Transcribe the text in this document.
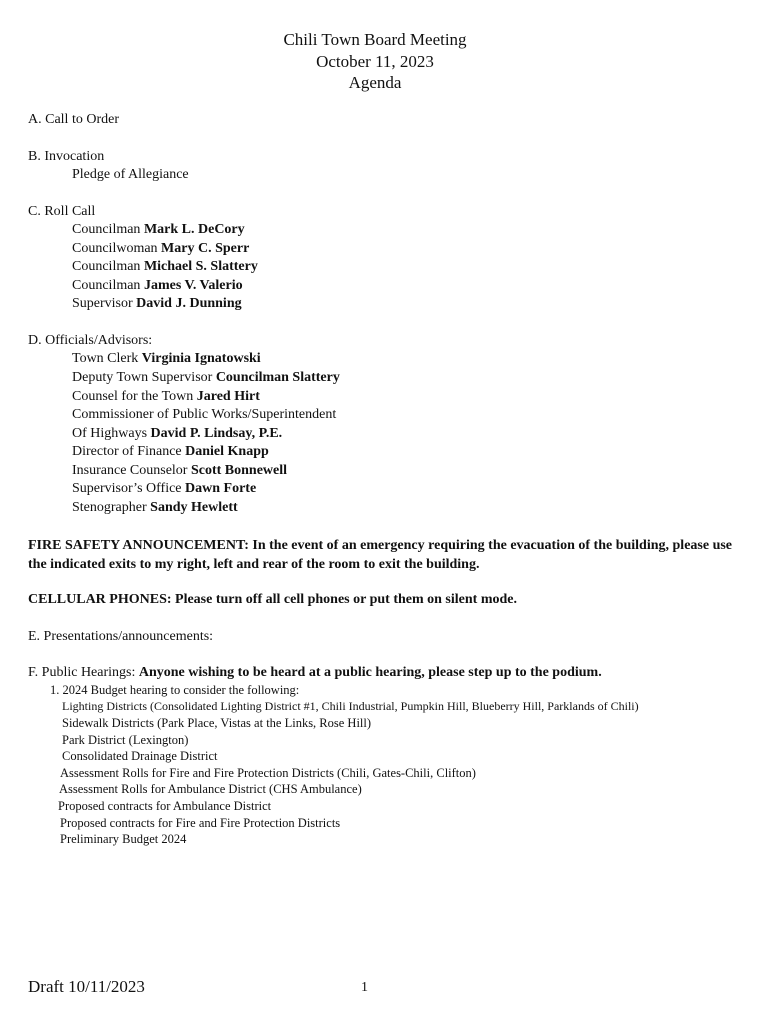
Chili Town Board Meeting
October 11, 2023
Agenda
A. Call to Order
B. Invocation
Pledge of Allegiance
C. Roll Call
Councilman Mark L. DeCory
Councilwoman Mary C. Sperr
Councilman Michael S. Slattery
Councilman James V. Valerio
Supervisor David J. Dunning
D. Officials/Advisors:
Town Clerk Virginia Ignatowski
Deputy Town Supervisor Councilman Slattery
Counsel for the Town Jared Hirt
Commissioner of Public Works/Superintendent
Of Highways David P. Lindsay, P.E.
Director of Finance Daniel Knapp
Insurance Counselor Scott Bonnewell
Supervisor’s Office Dawn Forte
Stenographer Sandy Hewlett
FIRE SAFETY ANNOUNCEMENT: In the event of an emergency requiring the evacuation of the building, please use the indicated exits to my right, left and rear of the room to exit the building.
CELLULAR PHONES: Please turn off all cell phones or put them on silent mode.
E. Presentations/announcements:
F. Public Hearings: Anyone wishing to be heard at a public hearing, please step up to the podium.
1. 2024 Budget hearing to consider the following:
Lighting Districts (Consolidated Lighting District #1, Chili Industrial, Pumpkin Hill, Blueberry Hill, Parklands of Chili)
Sidewalk Districts (Park Place, Vistas at the Links, Rose Hill)
Park District (Lexington)
Consolidated Drainage District
Assessment Rolls for Fire and Fire Protection Districts (Chili, Gates-Chili, Clifton)
Assessment Rolls for Ambulance District (CHS Ambulance)
Proposed contracts for Ambulance District
Proposed contracts for Fire and Fire Protection Districts
Preliminary Budget 2024
Draft 10/11/2023	1
